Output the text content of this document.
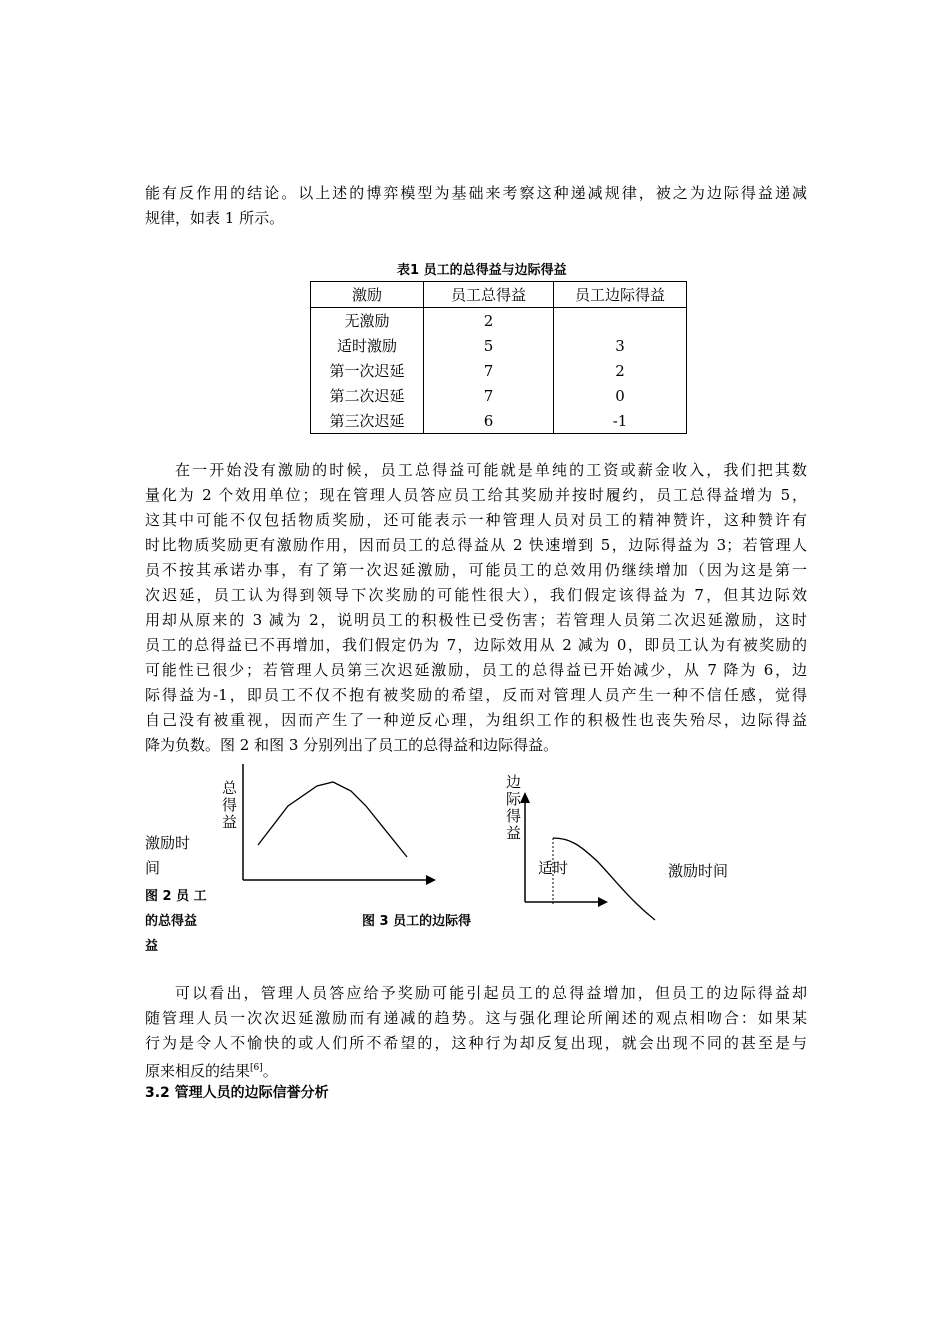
能有反作用的结论。以上述的博弈模型为基础来考察这种递减规律，被之为边际得益递减
规律，如表 1 所示。
表1 员工的总得益与边际得益
激励	员工总得益	员工边际得益
无激励	2	
适时激励	5	3
第一次迟延	7	2
第二次迟延	7	0
第三次迟延	6	-1
在一开始没有激励的时候，员工总得益可能就是单纯的工资或薪金收入，我们把其数
量化为 2 个效用单位；现在管理人员答应员工给其奖励并按时履约，员工总得益增为 5，
这其中可能不仅包括物质奖励，还可能表示一种管理人员对员工的精神赞许，这种赞许有
时比物质奖励更有激励作用，因而员工的总得益从 2 快速增到 5，边际得益为 3；若管理人
员不按其承诺办事，有了第一次迟延激励，可能员工的总效用仍继续增加（因为这是第一
次迟延，员工认为得到领导下次奖励的可能性很大），我们假定该得益为 7，但其边际效
用却从原来的 3 减为 2，说明员工的积极性已受伤害；若管理人员第二次迟延激励，这时
员工的总得益已不再增加，我们假定仍为 7，边际效用从 2 减为 0，即员工认为有被奖励的
可能性已很少；若管理人员第三次迟延激励，员工的总得益已开始减少，从 7 降为 6，边
际得益为-1，即员工不仅不抱有被奖励的希望，反而对管理人员产生一种不信任感，觉得
自己没有被重视，因而产生了一种逆反心理，为组织工作的积极性也丧失殆尽，边际得益
降为负数。图 2 和图 3 分别列出了员工的总得益和边际得益。
总得益
激励时
间
图 2 员 工
的总得益
益
边际得益
适时	激励时间
图 3 员工的边际得
可以看出，管理人员答应给予奖励可能引起员工的总得益增加，但员工的边际得益却
随管理人员一次次迟延激励而有递减的趋势。这与强化理论所阐述的观点相吻合：如果某
行为是令人不愉快的或人们所不希望的，这种行为却反复出现，就会出现不同的甚至是与
原来相反的结果[6]。
3.2 管理人员的边际信誉分析
